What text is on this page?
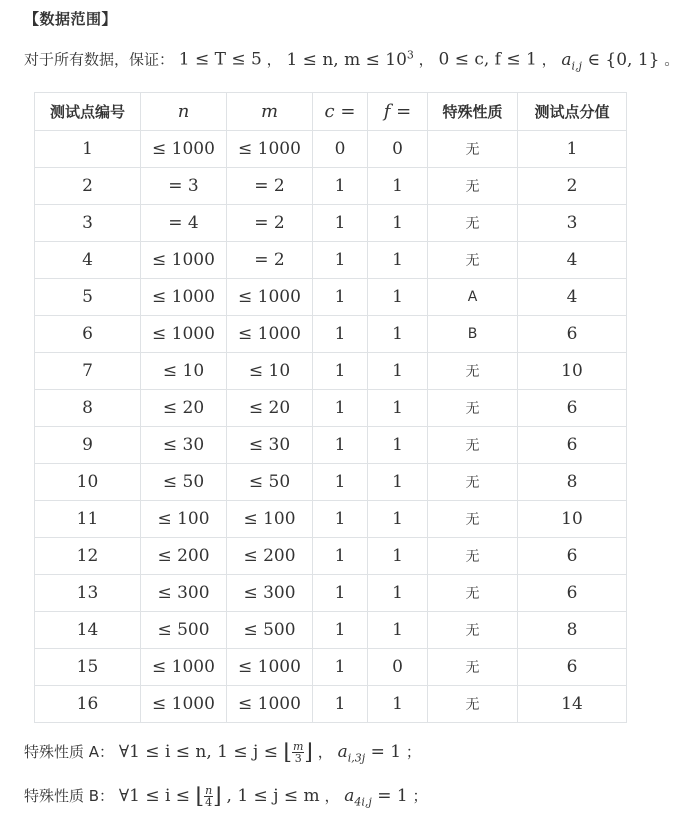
【数据范围】
对于所有数据，保证： 1 ≤ T ≤ 5 ， 1 ≤ n, $m \le 10^3$ ， 0 ≤ c, f ≤ 1 ， $a_{i,j}$ ∈ {0, 1} 。
测试点编号	n	m	c =	f =	特殊性质	测试点分值
1	≤ 1000	≤ 1000	0	0	无	1
2	= 3	= 2	1	1	无	2
3	= 4	= 2	1	1	无	3
4	≤ 1000	= 2	1	1	无	4
5	≤ 1000	≤ 1000	1	1	A	4
6	≤ 1000	≤ 1000	1	1	B	6
7	≤ 10	≤ 10	1	1	无	10
8	≤ 20	≤ 20	1	1	无	6
9	≤ 30	≤ 30	1	1	无	6
10	≤ 50	≤ 50	1	1	无	8
11	≤ 100	≤ 100	1	1	无	10
12	≤ 200	≤ 200	1	1	无	6
13	≤ 300	≤ 300	1	1	无	6
14	≤ 500	≤ 500	1	1	无	8
15	≤ 1000	≤ 1000	1	0	无	6
16	≤ 1000	≤ 1000	1	1	无	14
特殊性质 A： ∀1 ≤ i ≤ n, 1 ≤ j ≤ ⌊ $\frac{m}{3}$ ⌋ ， $a_{i,3j} = 1$ ；
特殊性质 B： ∀1 ≤ i ≤ ⌊ $\frac{n}{4}$ ⌋ , 1 ≤ j ≤ m ， $a_{4i,j} = 1$ ；
